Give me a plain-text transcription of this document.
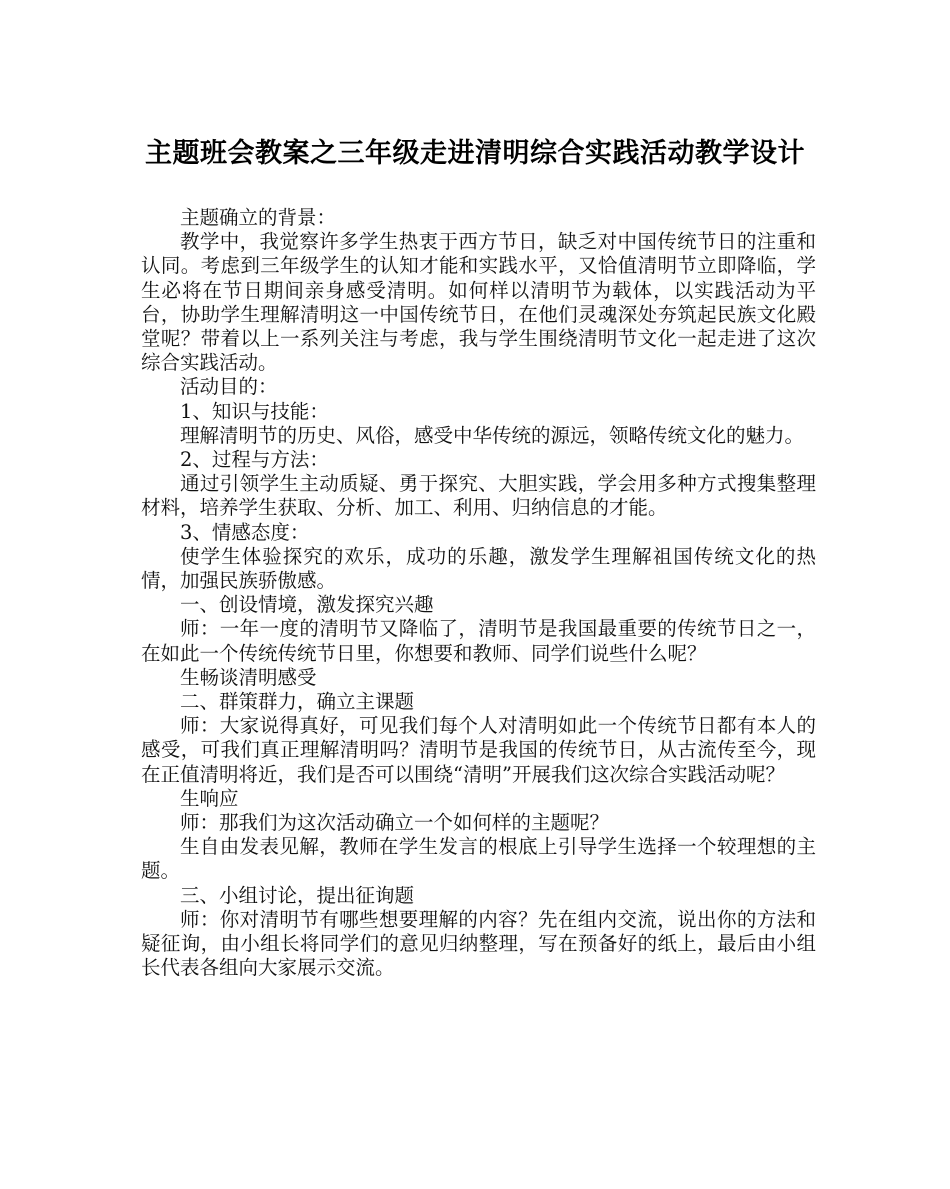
主题班会教案之三年级走进清明综合实践活动教学设计

主题确立的背景：

教学中，我觉察许多学生热衷于西方节日，缺乏对中国传统节日的注重和认同。考虑到三年级学生的认知才能和实践水平，又恰值清明节立即降临，学生必将在节日期间亲身感受清明。如何样以清明节为载体，以实践活动为平台，协助学生理解清明这一中国传统节日，在他们灵魂深处夯筑起民族文化殿堂呢？带着以上一系列关注与考虑，我与学生围绕清明节文化一起走进了这次综合实践活动。

活动目的：

1、知识与技能：

理解清明节的历史、风俗，感受中华传统的源远，领略传统文化的魅力。

2、过程与方法：

通过引领学生主动质疑、勇于探究、大胆实践，学会用多种方式搜集整理材料，培养学生获取、分析、加工、利用、归纳信息的才能。

3、情感态度：

使学生体验探究的欢乐，成功的乐趣，激发学生理解祖国传统文化的热情，加强民族骄傲感。

一、创设情境，激发探究兴趣

师：一年一度的清明节又降临了，清明节是我国最重要的传统节日之一，在如此一个传统传统节日里，你想要和教师、同学们说些什么呢？

生畅谈清明感受

二、群策群力，确立主课题

师：大家说得真好，可见我们每个人对清明如此一个传统节日都有本人的感受，可我们真正理解清明吗？清明节是我国的传统节日，从古流传至今，现在正值清明将近，我们是否可以围绕“清明”开展我们这次综合实践活动呢？

生响应

师：那我们为这次活动确立一个如何样的主题呢？

生自由发表见解，教师在学生发言的根底上引导学生选择一个较理想的主题。

三、小组讨论，提出征询题

师：你对清明节有哪些想要理解的内容？先在组内交流，说出你的方法和疑征询，由小组长将同学们的意见归纳整理，写在预备好的纸上，最后由小组长代表各组向大家展示交流。
